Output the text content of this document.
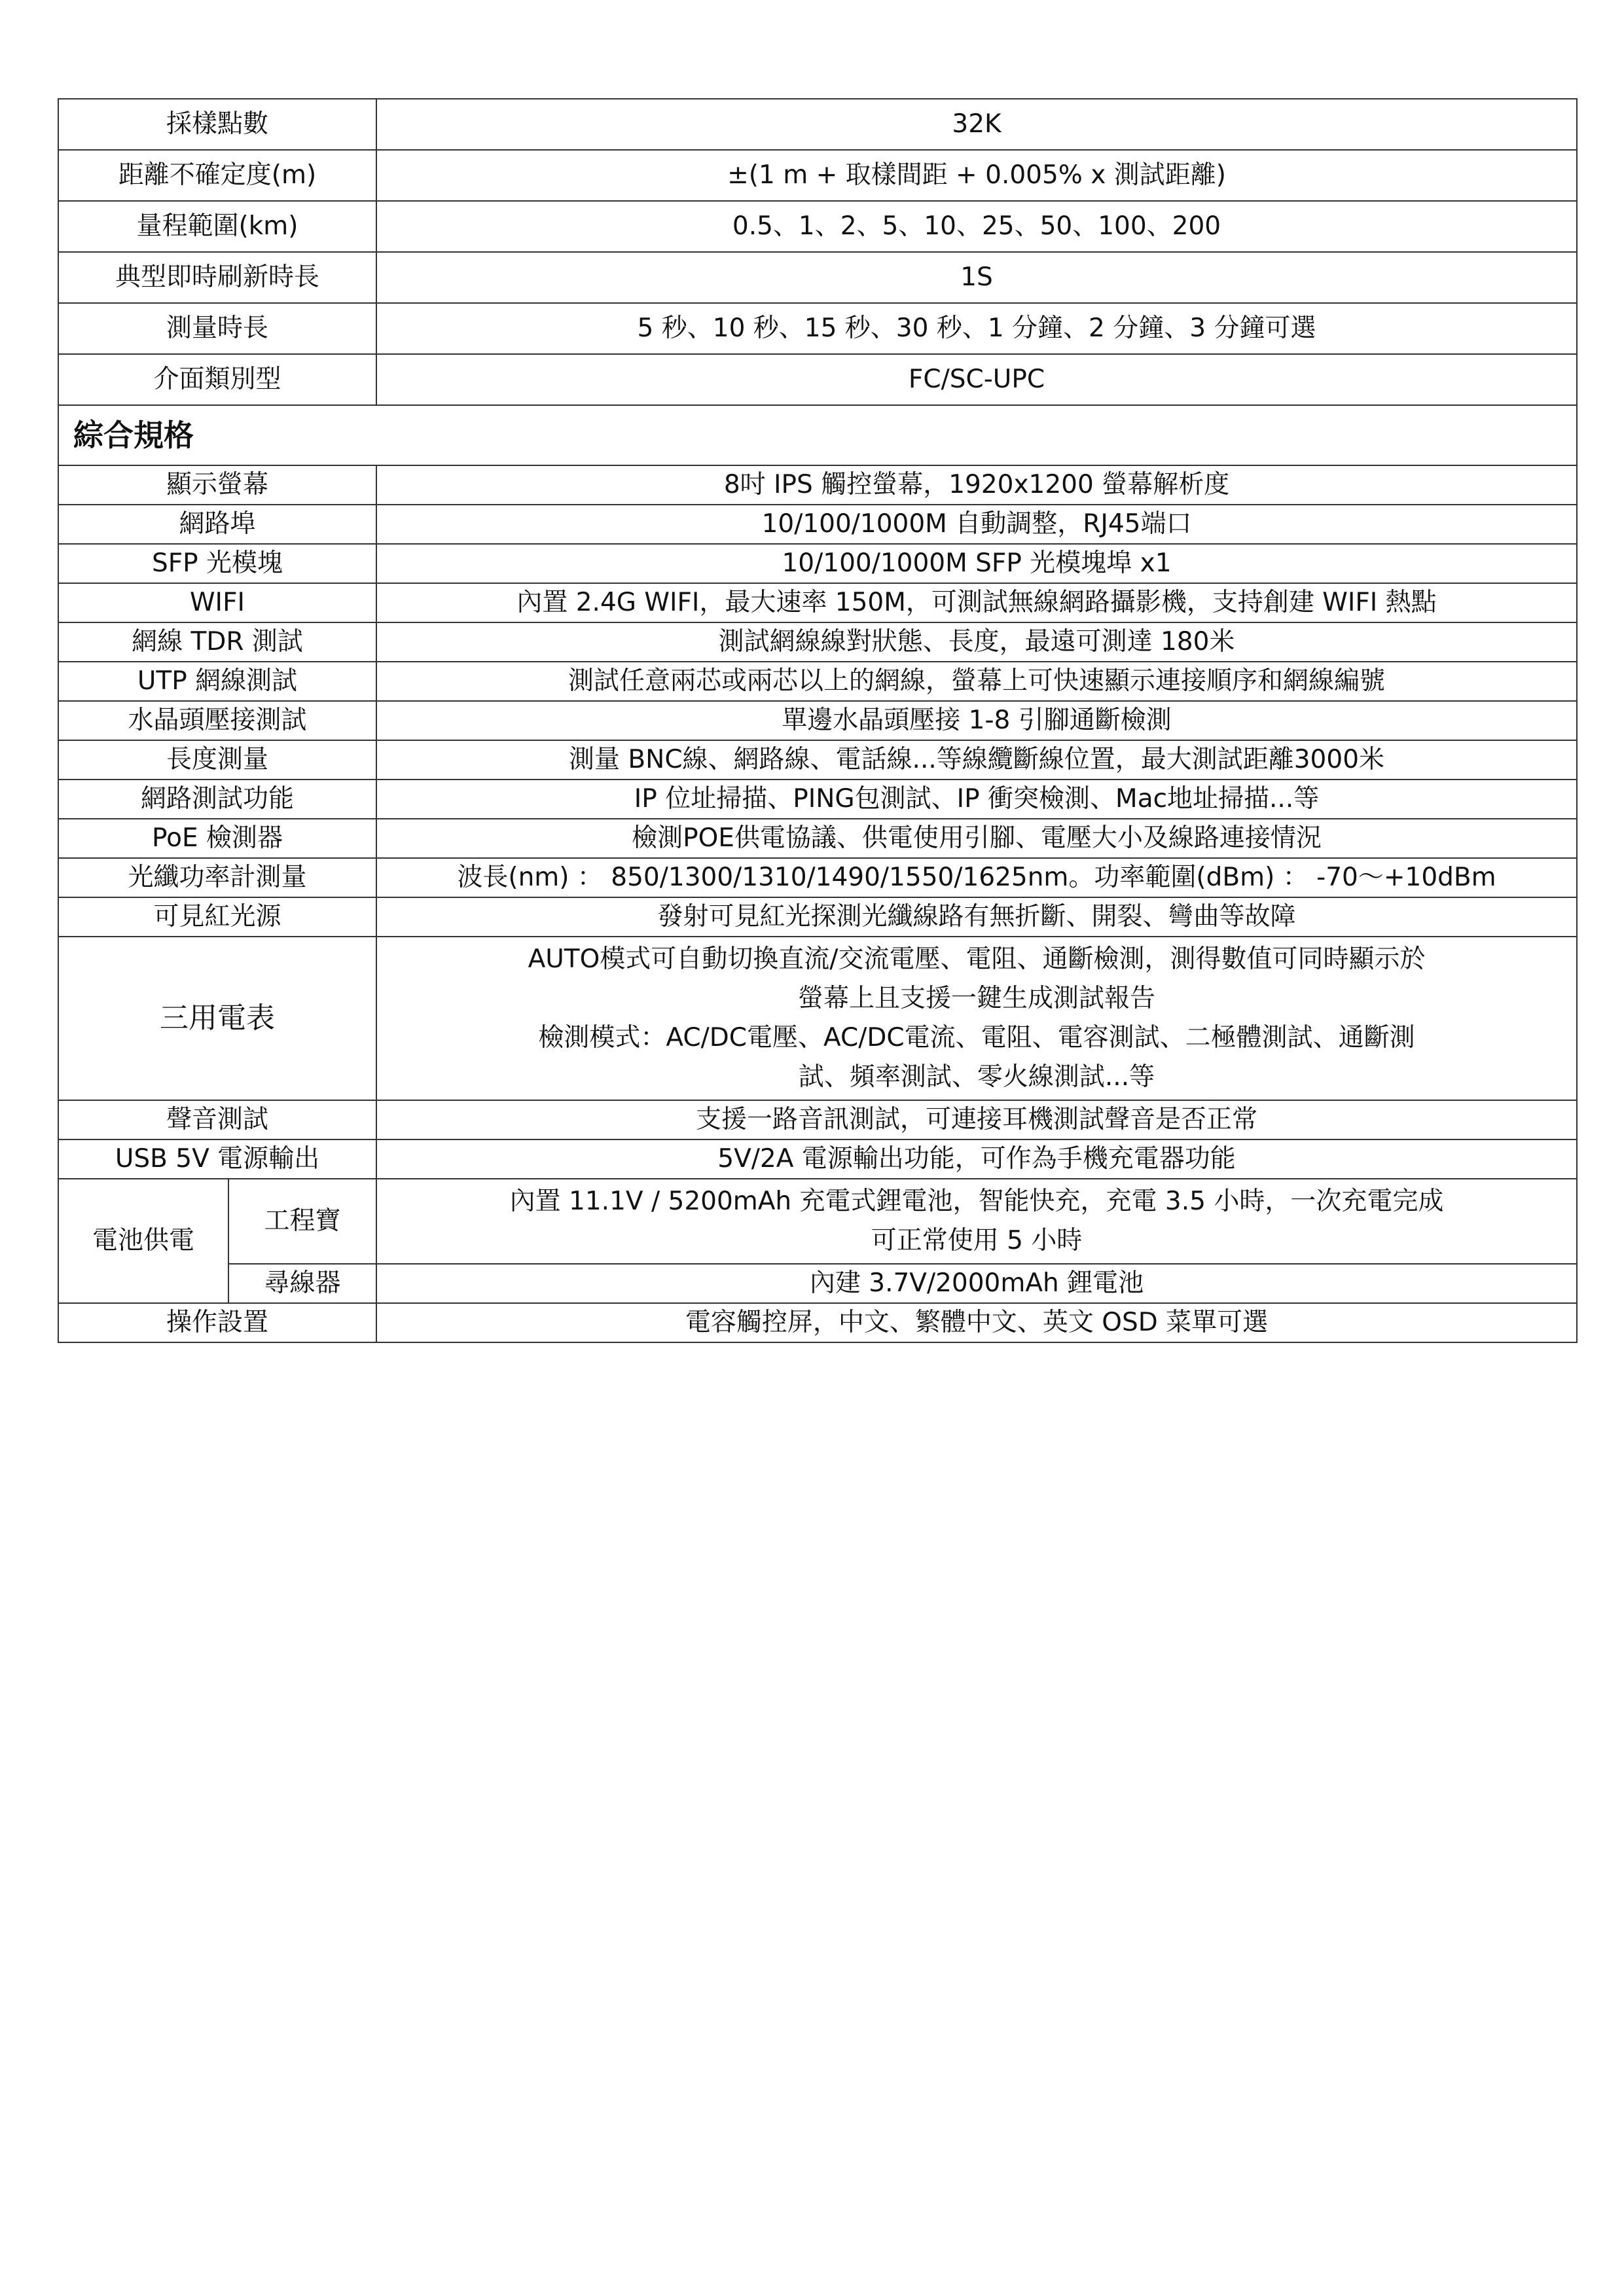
採樣點數		32K
距離不確定度(m)		±(1 m + 取樣間距 + 0.005% x 測試距離)
量程範圍(km)		0.5、1、2、5、10、25、50、100、200
典型即時刷新時長		1S
測量時長		5 秒、10 秒、15 秒、30 秒、1 分鐘、2 分鐘、3 分鐘可選
介面類別型		FC/SC-UPC
綜合規格		
顯示螢幕		8吋 IPS 觸控螢幕，1920x1200 螢幕解析度
網路埠		10/100/1000M 自動調整，RJ45端口
SFP 光模塊		10/100/1000M SFP 光模塊埠 x1
WIFI		內置 2.4G WIFI，最大速率 150M，可測試無線網路攝影機，支持創建 WIFI 熱點
網線 TDR 測試		測試網線線對狀態、長度，最遠可測達 180米
UTP 網線測試		測試任意兩芯或兩芯以上的網線，螢幕上可快速顯示連接順序和網線編號
水晶頭壓接測試		單邊水晶頭壓接 1-8 引腳通斷檢測
長度測量		測量 BNC線、網路線、電話線...等線纜斷線位置，最大測試距離3000米
網路測試功能		IP 位址掃描、PING包測試、IP 衝突檢測、Mac地址掃描...等
PoE 檢測器		檢測POE供電協議、供電使用引腳、電壓大小及線路連接情況
光纖功率計測量		波長(nm) ： 850/1300/1310/1490/1550/1625nm。功率範圍(dBm) ： -70～+10dBm
可見紅光源		發射可見紅光探測光纖線路有無折斷、開裂、彎曲等故障
三用電表		AUTO模式可自動切換直流/交流電壓、電阻、通斷檢測，測得數值可同時顯示於
螢幕上且支援一鍵生成測試報告
檢測模式：AC/DC電壓、AC/DC電流、電阻、電容測試、二極體測試、通斷測
試、頻率測試、零火線測試...等

聲音測試		支援一路音訊測試，可連接耳機測試聲音是否正常
USB 5V 電源輸出		5V/2A 電源輸出功能，可作為手機充電器功能
電池供電	工程寶	內置 11.1V / 5200mAh 充電式鋰電池，智能快充，充電 3.5 小時，一次充電完成
可正常使用 5 小時

	尋線器	內建 3.7V/2000mAh 鋰電池
操作設置		電容觸控屏，中文、繁體中文、英文 OSD 菜單可選
